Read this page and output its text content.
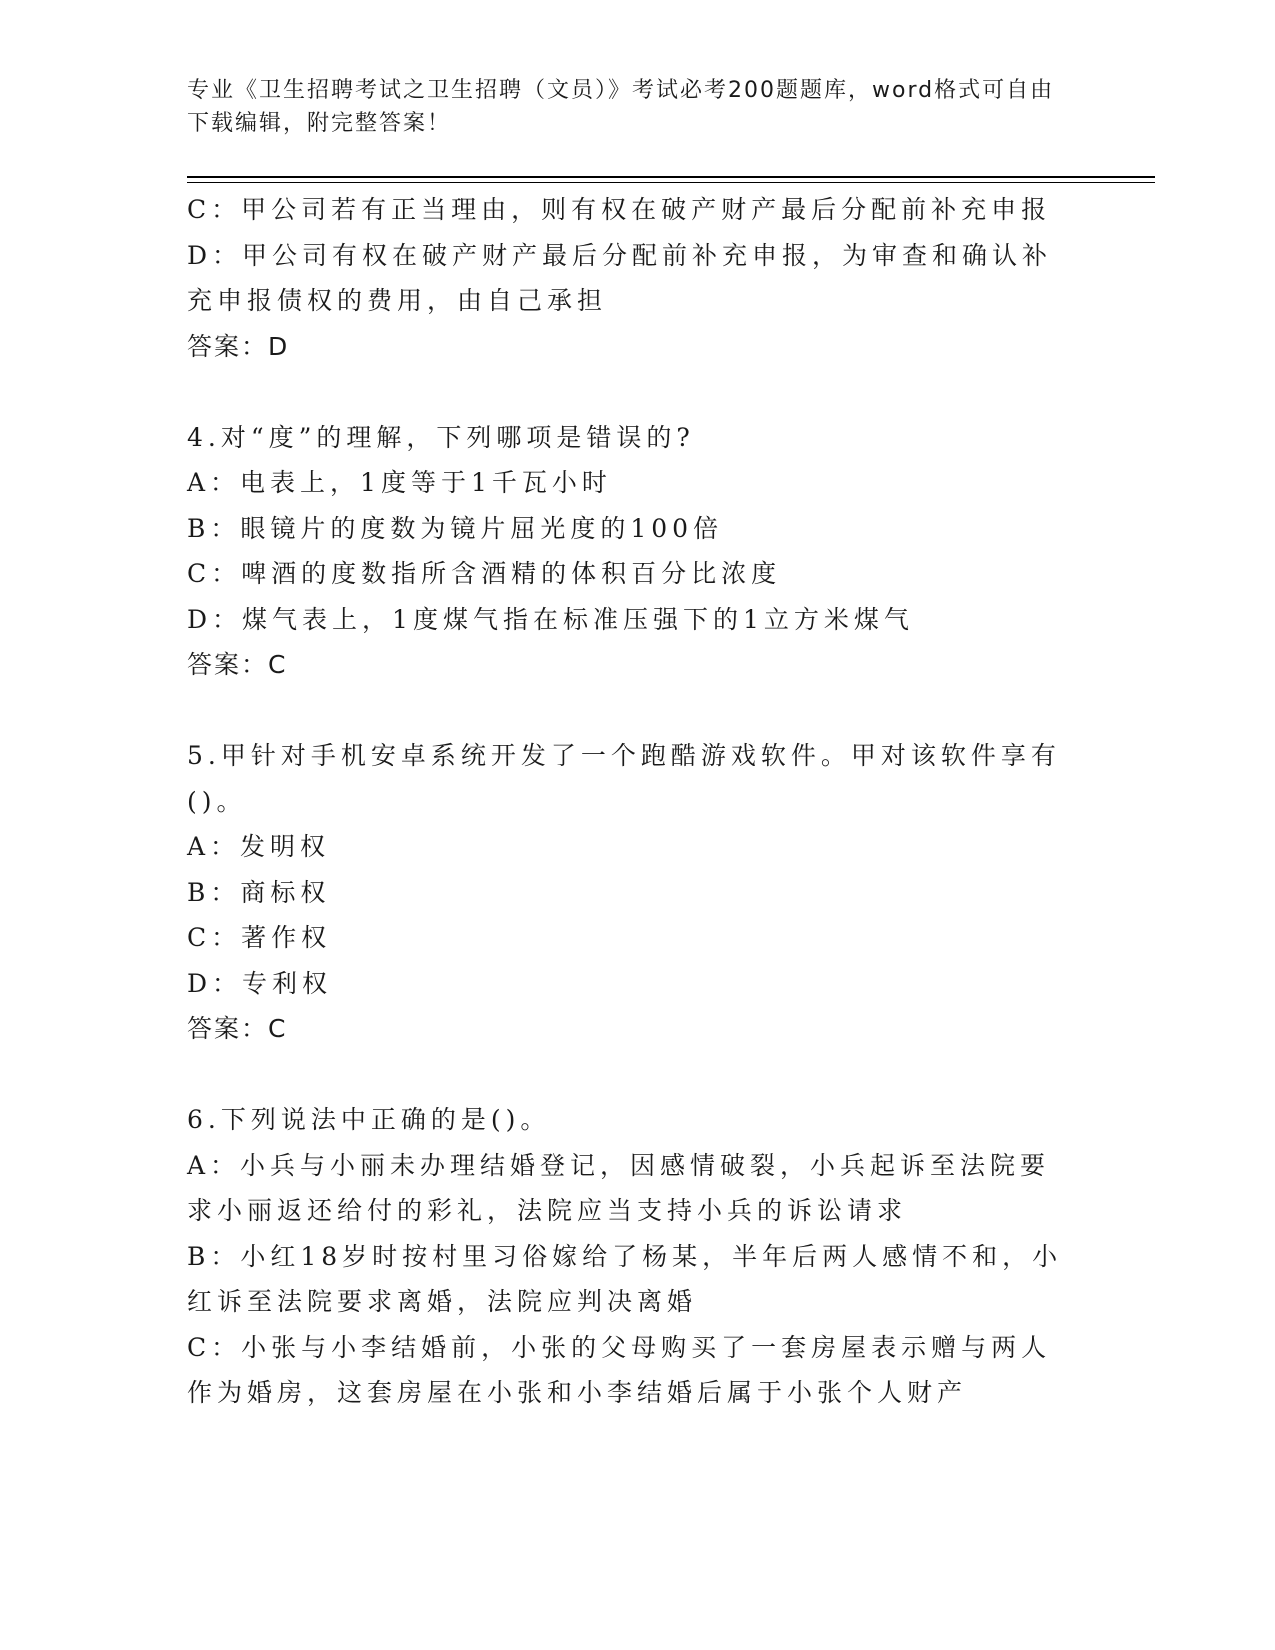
专业《卫生招聘考试之卫生招聘（文员）》考试必考200题题库，word格式可自由下载编辑，附完整答案！

C：甲公司若有正当理由，则有权在破产财产最后分配前补充申报

D：甲公司有权在破产财产最后分配前补充申报，为审查和确认补充申报债权的费用，由自己承担

答案：D

4.对“度”的理解，下列哪项是错误的?

A：电表上，1度等于1千瓦小时

B：眼镜片的度数为镜片屈光度的100倍

C：啤酒的度数指所含酒精的体积百分比浓度

D：煤气表上，1度煤气指在标准压强下的1立方米煤气

答案：C

5.甲针对手机安卓系统开发了一个跑酷游戏软件。甲对该软件享有()。

A：发明权

B：商标权

C：著作权

D：专利权

答案：C

6.下列说法中正确的是()。

A：小兵与小丽未办理结婚登记，因感情破裂，小兵起诉至法院要求小丽返还给付的彩礼，法院应当支持小兵的诉讼请求

B：小红18岁时按村里习俗嫁给了杨某，半年后两人感情不和，小红诉至法院要求离婚，法院应判决离婚

C：小张与小李结婚前，小张的父母购买了一套房屋表示赠与两人作为婚房，这套房屋在小张和小李结婚后属于小张个人财产
